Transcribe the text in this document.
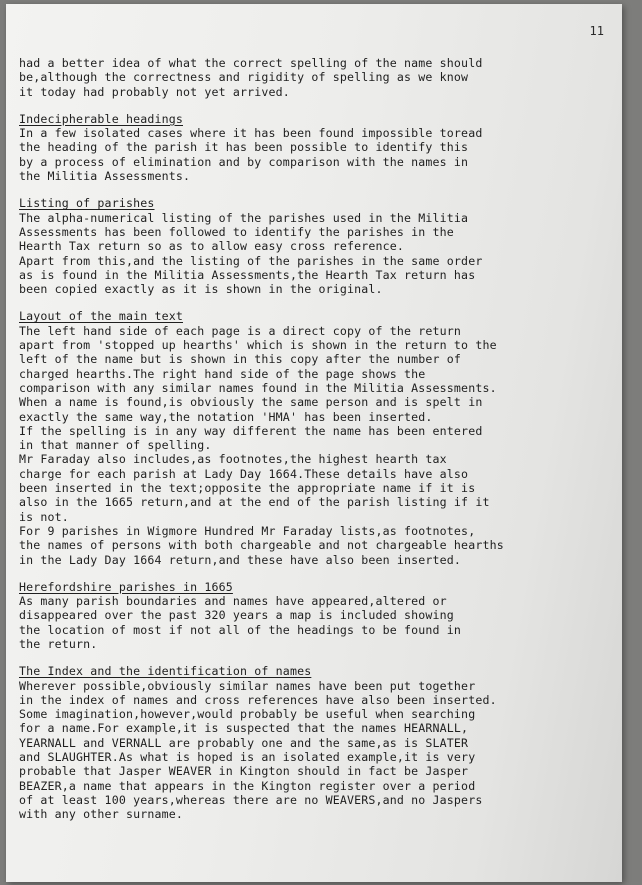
11

had a better idea of what the correct spelling of the name should
be,although the correctness and rigidity of spelling as we know
it today had probably not yet arrived.

Indecipherable headings

In a few isolated cases where it has been found impossible toread
the heading of the parish it has been possible to identify this
by a process of elimination and by comparison with the names in
the Militia Assessments.

Listing of parishes

The alpha-numerical listing of the parishes used in the Militia
Assessments has been followed to identify the parishes in the
Hearth Tax return so as to allow easy cross reference.
Apart from this,and the listing of the parishes in the same order
as is found in the Militia Assessments,the Hearth Tax return has
been copied exactly as it is shown in the original.

Layout of the main text

The left hand side of each page is a direct copy of the return
apart from 'stopped up hearths' which is shown in the return to the
left of the name but is shown in this copy after the number of
charged hearths.The right hand side of the page shows the
comparison with any similar names found in the Militia Assessments.
When a name is found,is obviously the same person and is spelt in
exactly the same way,the notation 'HMA' has been inserted.
If the spelling is in any way different the name has been entered
in that manner of spelling.
Mr Faraday also includes,as footnotes,the highest hearth tax
charge for each parish at Lady Day 1664.These details have also
been inserted in the text;opposite the appropriate name if it is
also in the 1665 return,and at the end of the parish listing if it
is not.
For 9 parishes in Wigmore Hundred Mr Faraday lists,as footnotes,
the names of persons with both chargeable and not chargeable hearths
in the Lady Day 1664 return,and these have also been inserted.

Herefordshire parishes in 1665

As many parish boundaries and names have appeared,altered or
disappeared over the past 320 years a map is included showing
the location of most if not all of the headings to be found in
the return.

The Index and the identification of names

Wherever possible,obviously similar names have been put together
in the index of names and cross references have also been inserted.
Some imagination,however,would probably be useful when searching
for a name.For example,it is suspected that the names HEARNALL,
YEARNALL and VERNALL are probably one and the same,as is SLATER
and SLAUGHTER.As what is hoped is an isolated example,it is very
probable that Jasper WEAVER in Kington should in fact be Jasper
BEAZER,a name that appears in the Kington register over a period
of at least 100 years,whereas there are no WEAVERS,and no Jaspers
with any other surname.
